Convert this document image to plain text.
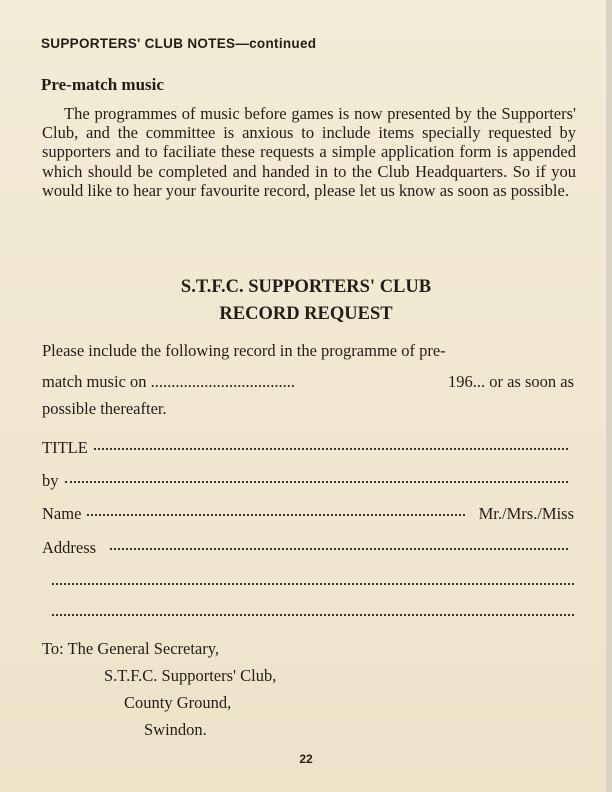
SUPPORTERS' CLUB NOTES—continued
Pre-match music

The programmes of music before games is now presented by the Supporters' Club, and the committee is anxious to include items specially requested by supporters and to faciliate these requests a simple application form is appended which should be completed and handed in to the Club Headquarters. So if you would like to hear your favourite record, please let us know as soon as possible.

S.T.F.C. SUPPORTERS' CLUB
RECORD REQUEST
Please include the following record in the programme of pre-
match music on ...................................	196... or as soon as
possible thereafter.
TITLE
by
Name	Mr./Mrs./Miss
Address
To: The General Secretary,
S.T.F.C. Supporters' Club,
County Ground,
Swindon.
22
